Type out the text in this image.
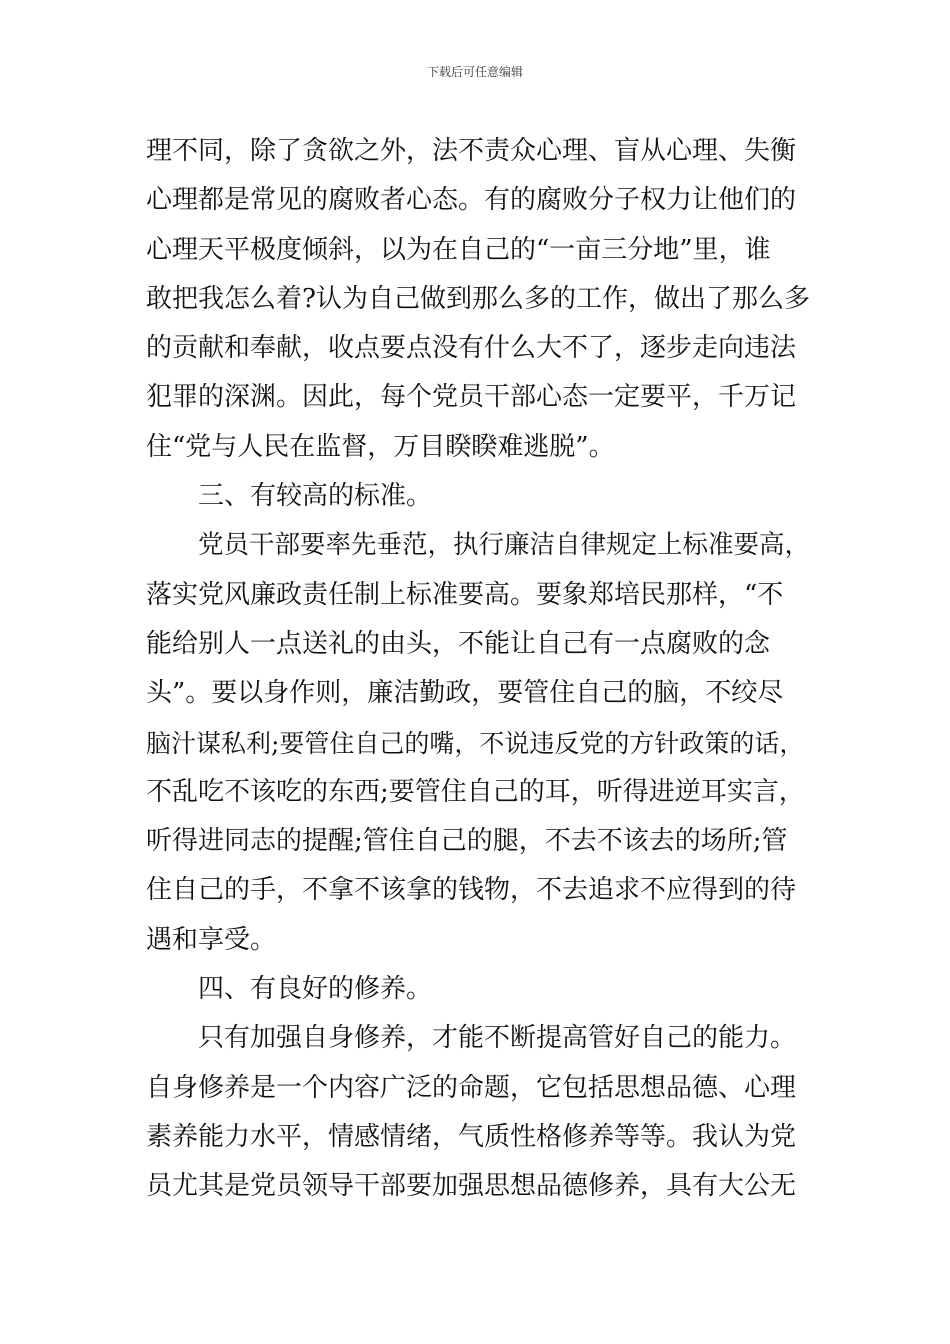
下载后可任意编辑
理不同，除了贪欲之外，法不责众心理、盲从心理、失衡
心理都是常见的腐败者心态。有的腐败分子权力让他们的
心理天平极度倾斜，以为在自己的“一亩三分地”里，谁
敢把我怎么着?认为自己做到那么多的工作，做出了那么多
的贡献和奉献，收点要点没有什么大不了，逐步走向违法
犯罪的深渊。因此，每个党员干部心态一定要平，千万记
住“党与人民在监督，万目睽睽难逃脱”。
三、有较高的标准。
党员干部要率先垂范，执行廉洁自律规定上标准要高，
落实党风廉政责任制上标准要高。要象郑培民那样，“不
能给别人一点送礼的由头，不能让自己有一点腐败的念
头”。要以身作则，廉洁勤政，要管住自己的脑，不绞尽
脑汁谋私利;要管住自己的嘴，不说违反党的方针政策的话，
不乱吃不该吃的东西;要管住自己的耳，听得进逆耳实言，
听得进同志的提醒;管住自己的腿，不去不该去的场所;管
住自己的手，不拿不该拿的钱物，不去追求不应得到的待
遇和享受。
四、有良好的修养。
只有加强自身修养，才能不断提高管好自己的能力。
自身修养是一个内容广泛的命题，它包括思想品德、心理
素养能力水平，情感情绪，气质性格修养等等。我认为党
员尤其是党员领导干部要加强思想品德修养，具有大公无
